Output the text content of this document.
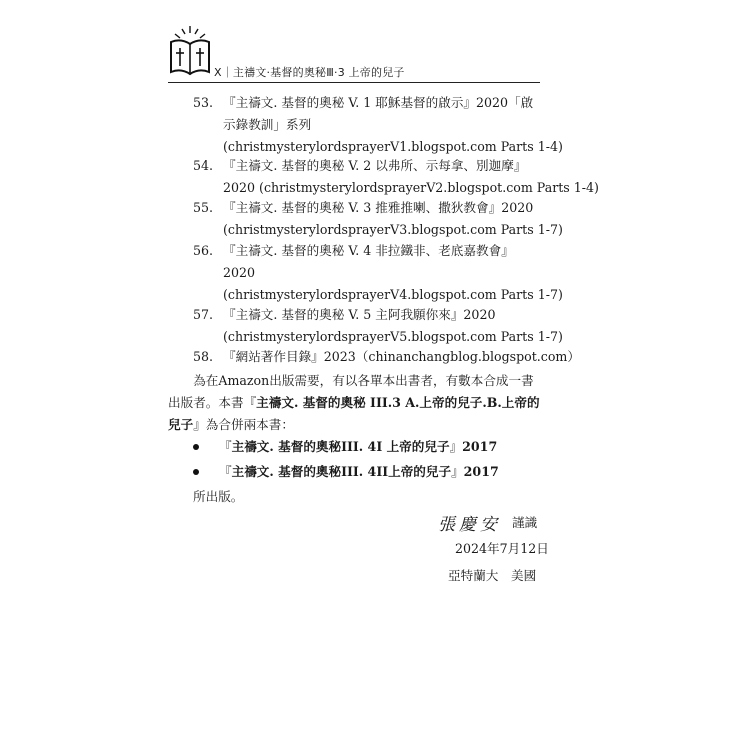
X｜主禱文‧基督的奧秘Ⅲ‧3 上帝的兒子
53. 『主禱文. 基督的奧秘 V. 1 耶穌基督的啟示』2020「啟
示錄教訓」系列
(christmysterylordsprayerV1.blogspot.com Parts 1-4)
54. 『主禱文. 基督的奧秘 V. 2 以弗所、示每拿、別迦摩』
2020 (christmysterylordsprayerV2.blogspot.com Parts 1-4)
55. 『主禱文. 基督的奧秘 V. 3 推雅推喇、撒狄教會』2020
(christmysterylordsprayerV3.blogspot.com Parts 1-7)
56. 『主禱文. 基督的奧秘 V. 4 非拉鐵非、老底嘉教會』
2020
(christmysterylordsprayerV4.blogspot.com Parts 1-7)
57. 『主禱文. 基督的奧秘 V. 5 主阿我願你來』2020
(christmysterylordsprayerV5.blogspot.com Parts 1-7)
58. 『網站著作目錄』2023（chinanchangblog.blogspot.com）
　　為在Amazon出版需要，有以各單本出書者，有數本合成一書
出版者。本書『主禱文. 基督的奧秘 III.3 A.上帝的兒子.B.上帝的
兒子』為合併兩本書：
『主禱文. 基督的奧秘III. 4I 上帝的兒子』2017
『主禱文. 基督的奧秘III. 4II上帝的兒子』2017
所出版。
張慶安 謹識
2024年7月12日
亞特蘭大　美國
